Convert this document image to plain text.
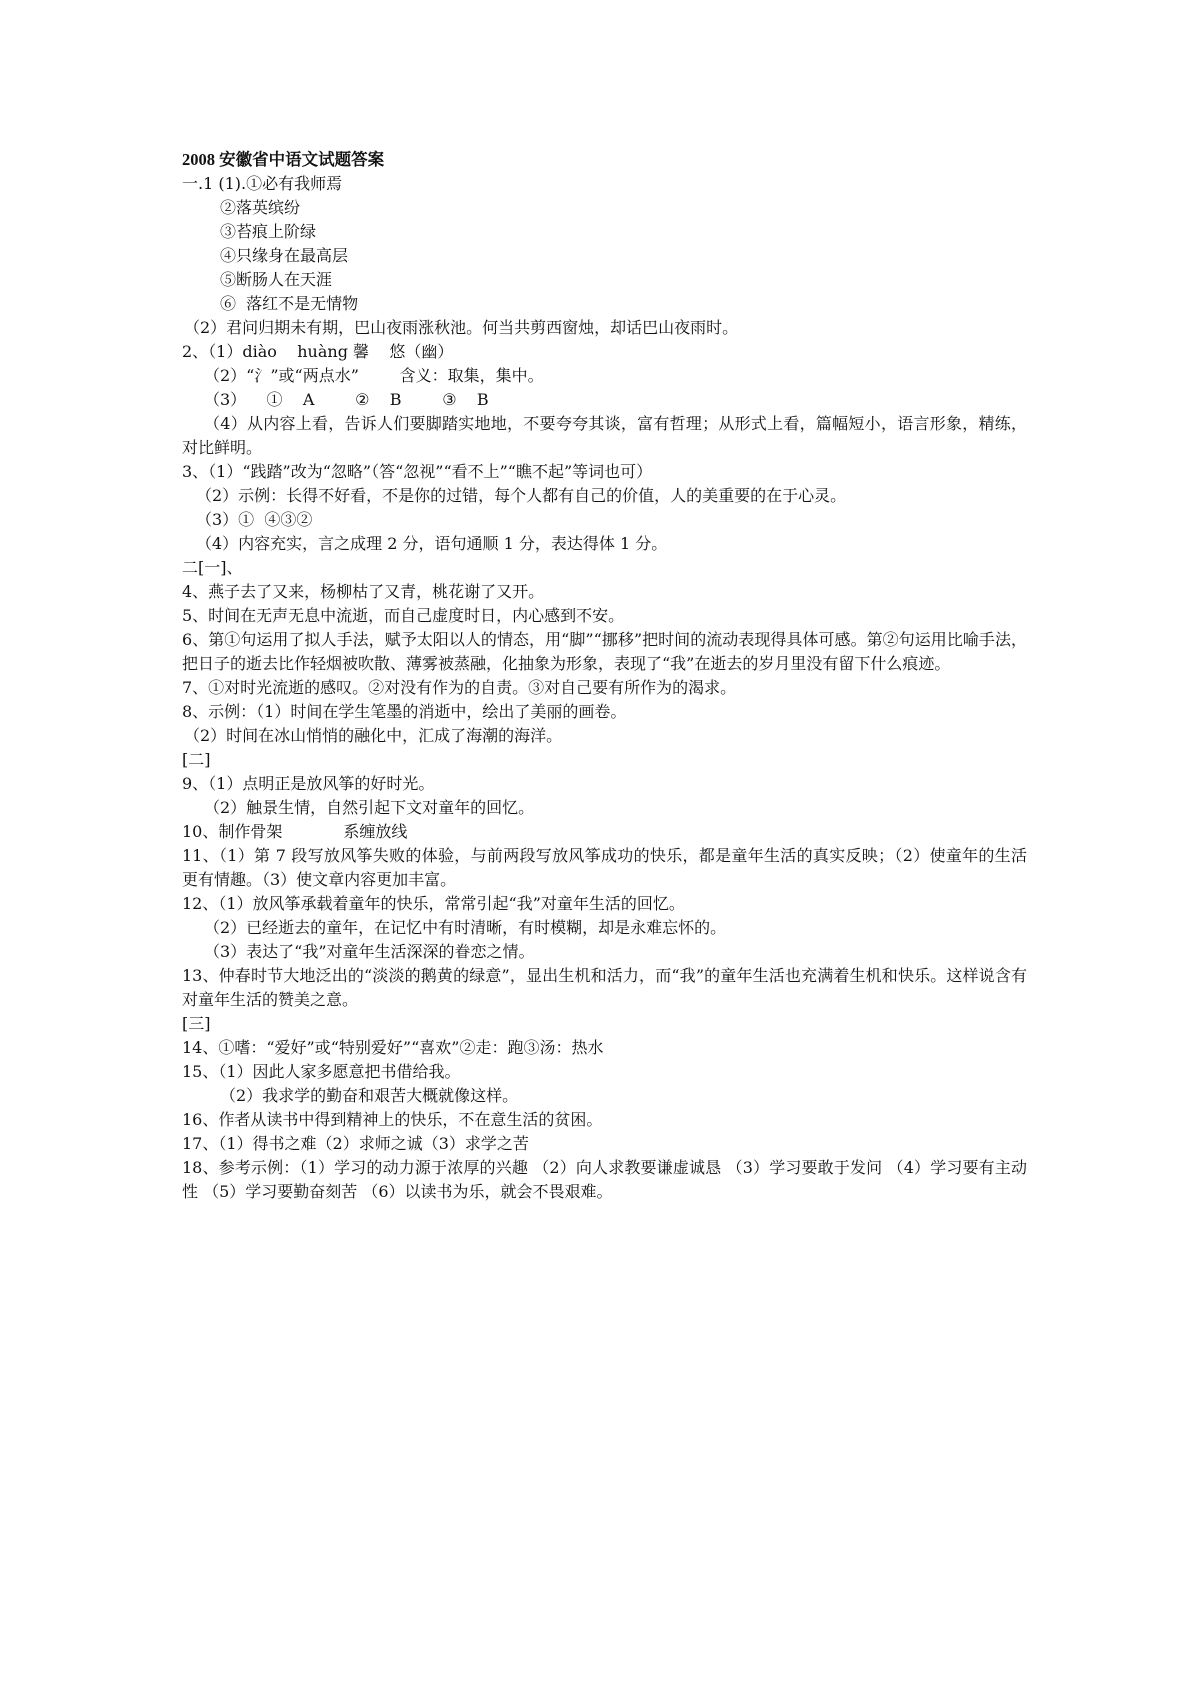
2008 安徽省中语文试题答案
一.1 (1).①必有我师焉
②落英缤纷
③苔痕上阶绿
④只缘身在最高层
⑤断肠人在天涯
⑥  落红不是无情物
（2）君问归期未有期，巴山夜雨涨秋池。何当共剪西窗烛，却话巴山夜雨时。
2、（1）diào    huàng 馨    悠（幽）
（2）“氵”或“两点水”        含义：取集，集中。
（3）    ①    A        ②    B        ③    B
（4）从内容上看，告诉人们要脚踏实地地，不要夸夸其谈，富有哲理；从形式上看，篇幅短小，语言形象，精练，对比鲜明。
3、（1）“践踏”改为“忽略”（答“忽视”“看不上”“瞧不起”等词也可）
（2）示例：长得不好看，不是你的过错，每个人都有自己的价值，人的美重要的在于心灵。
（3）①  ④③②
（4）内容充实，言之成理 2 分，语句通顺 1 分，表达得体 1 分。
二[一]、
4、燕子去了又来，杨柳枯了又青，桃花谢了又开。
5、时间在无声无息中流逝，而自己虚度时日，内心感到不安。
6、第①句运用了拟人手法，赋予太阳以人的情态，用“脚”“挪移”把时间的流动表现得具体可感。第②句运用比喻手法，把日子的逝去比作轻烟被吹散、薄雾被蒸融，化抽象为形象，表现了“我”在逝去的岁月里没有留下什么痕迹。
7、①对时光流逝的感叹。②对没有作为的自责。③对自己要有所作为的渴求。
8、示例：（1）时间在学生笔墨的消逝中，绘出了美丽的画卷。
（2）时间在冰山悄悄的融化中，汇成了海潮的海洋。
[二]
9、（1）点明正是放风筝的好时光。
（2）触景生情，自然引起下文对童年的回忆。
10、制作骨架            系缠放线
11、（1）第 7 段写放风筝失败的体验，与前两段写放风筝成功的快乐，都是童年生活的真实反映；（2）使童年的生活更有情趣。（3）使文章内容更加丰富。
12、（1）放风筝承载着童年的快乐，常常引起“我”对童年生活的回忆。
（2）已经逝去的童年，在记忆中有时清晰，有时模糊，却是永难忘怀的。
（3）表达了“我”对童年生活深深的眷恋之情。
13、仲春时节大地泛出的“淡淡的鹅黄的绿意”，显出生机和活力，而“我”的童年生活也充满着生机和快乐。这样说含有对童年生活的赞美之意。
[三]
14、①嗜：“爱好”或“特别爱好”“喜欢”②走：跑③汤：热水
15、（1）因此人家多愿意把书借给我。
（2）我求学的勤奋和艰苦大概就像这样。
16、作者从读书中得到精神上的快乐，不在意生活的贫困。
17、（1）得书之难（2）求师之诚（3）求学之苦
18、参考示例：（1）学习的动力源于浓厚的兴趣 （2）向人求教要谦虚诚恳 （3）学习要敢于发问 （4）学习要有主动性 （5）学习要勤奋刻苦 （6）以读书为乐，就会不畏艰难。
